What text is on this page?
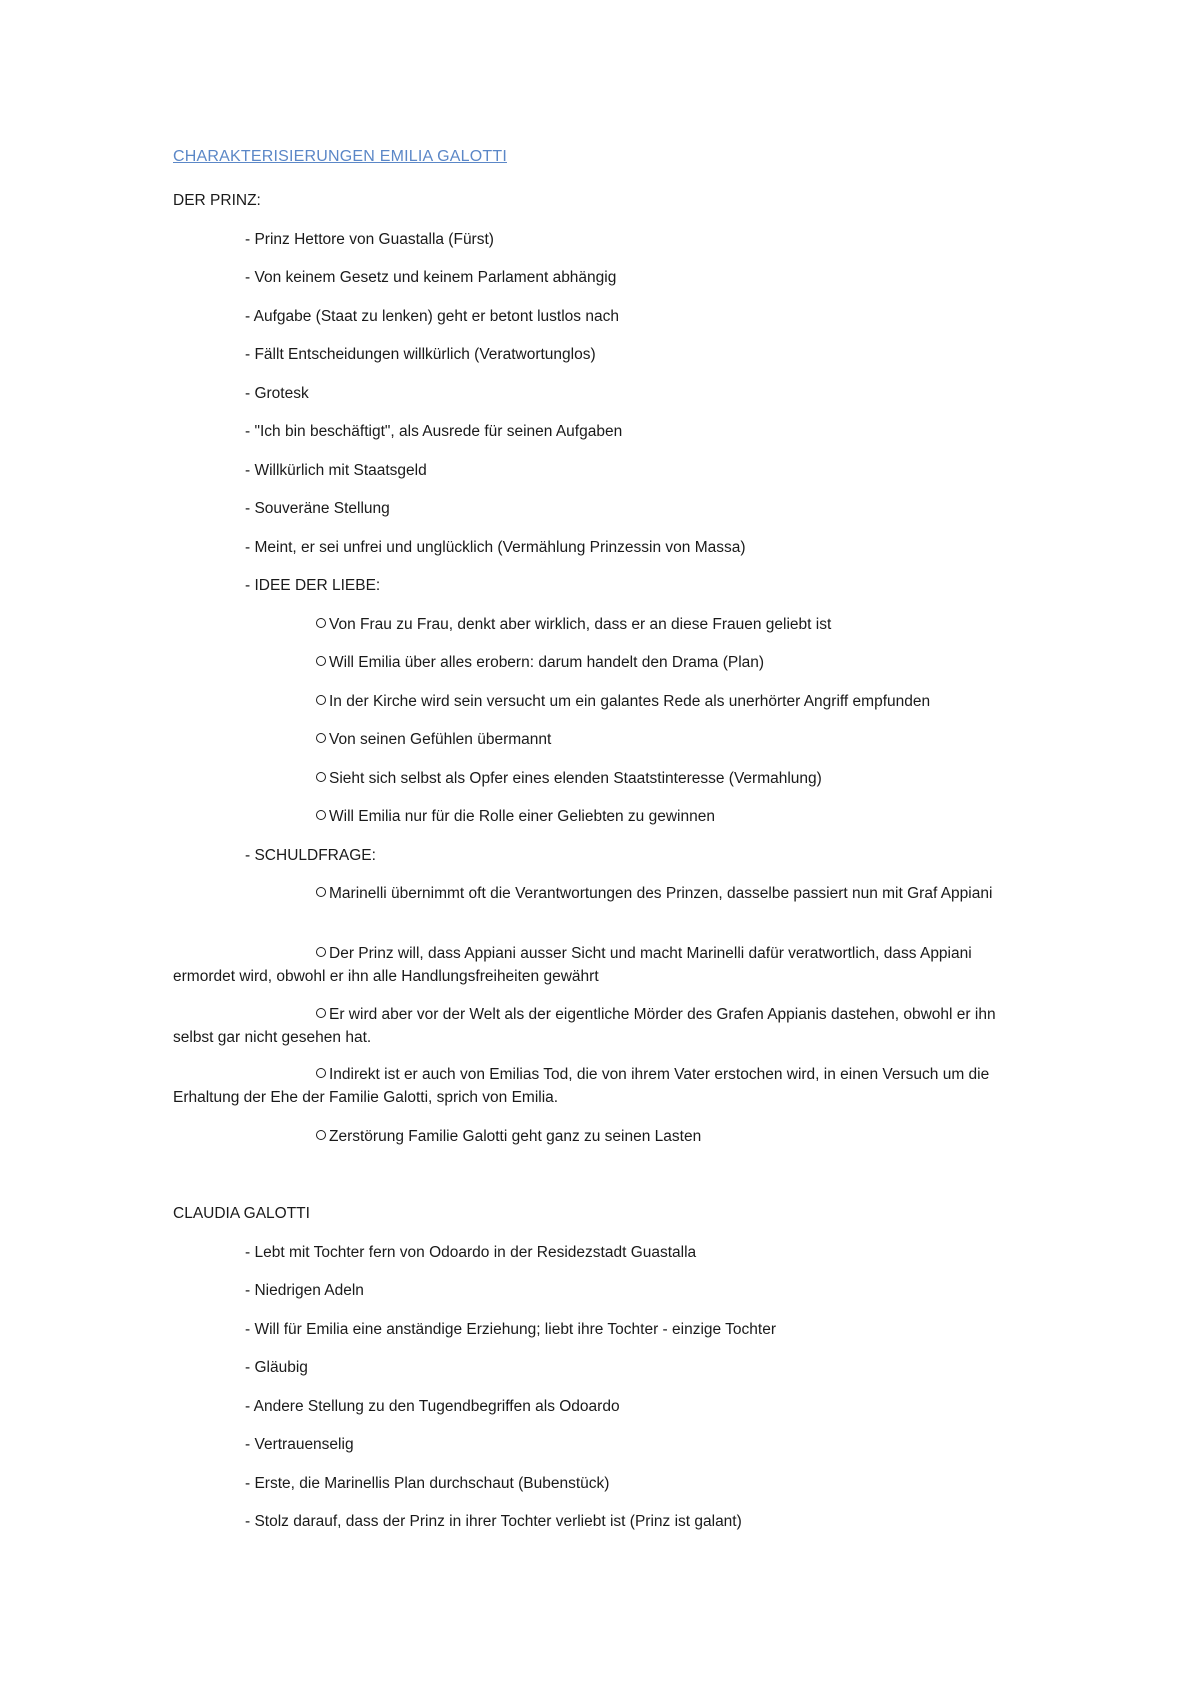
CHARAKTERISIERUNGEN EMILIA GALOTTI
DER PRINZ:
- Prinz Hettore von Guastalla (Fürst)
- Von keinem Gesetz und keinem Parlament abhängig
- Aufgabe (Staat zu lenken) geht er betont lustlos nach
- Fällt Entscheidungen willkürlich (Veratwortunglos)
- Grotesk
- "Ich bin beschäftigt", als Ausrede für seinen Aufgaben
- Willkürlich mit Staatsgeld
- Souveräne Stellung
- Meint, er sei unfrei und unglücklich (Vermählung Prinzessin von Massa)
- IDEE DER LIEBE:
Von Frau zu Frau, denkt aber wirklich, dass er an diese Frauen geliebt ist
Will Emilia über alles erobern: darum handelt den Drama (Plan)
In der Kirche wird sein versucht um ein galantes Rede als unerhörter Angriff empfunden
Von seinen Gefühlen übermannt
Sieht sich selbst als Opfer eines elenden Staatstinteresse (Vermahlung)
Will Emilia nur für die Rolle einer Geliebten zu gewinnen
- SCHULDFRAGE:
Marinelli übernimmt oft die Verantwortungen des Prinzen, dasselbe passiert nun mit Graf Appiani
Der Prinz will, dass Appiani ausser Sicht und macht Marinelli dafür veratwortlich, dass Appiani ermordet wird, obwohl er ihn alle Handlungsfreiheiten gewährt
Er wird aber vor der Welt als der eigentliche Mörder des Grafen Appianis dastehen, obwohl er ihn selbst gar nicht gesehen hat.
Indirekt ist er auch von Emilias Tod, die von ihrem Vater erstochen wird, in einen Versuch um die Erhaltung der Ehe der Familie Galotti, sprich von Emilia.
Zerstörung Familie Galotti geht ganz zu seinen Lasten
CLAUDIA GALOTTI
- Lebt mit Tochter fern von Odoardo in der Residezstadt Guastalla
- Niedrigen Adeln
- Will für Emilia eine anständige Erziehung; liebt ihre Tochter - einzige Tochter
- Gläubig
- Andere Stellung zu den Tugendbegriffen als Odoardo
- Vertrauenselig
- Erste, die Marinellis Plan durchschaut (Bubenstück)
- Stolz darauf, dass der Prinz in ihrer Tochter verliebt ist (Prinz ist galant)
